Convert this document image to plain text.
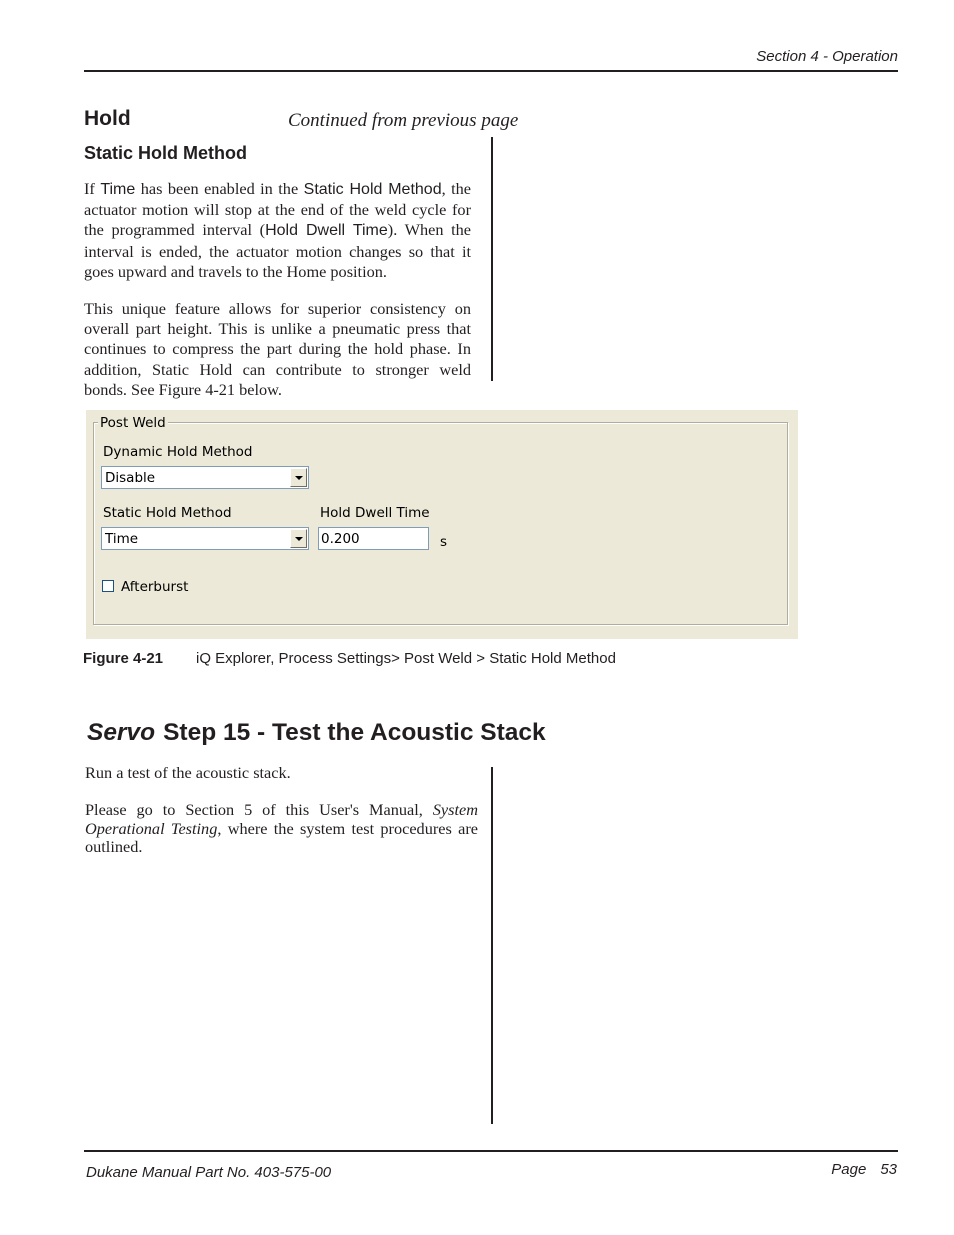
Section 4 - Operation
Hold	Continued from previous page
Static Hold Method
If Time has been enabled in the Static Hold Method, the actuator motion will stop at the end of the weld cycle for the programmed interval (Hold Dwell Time). When the interval is ended, the actuator motion changes so that it goes upward and travels to the Home position.
This unique feature allows for superior consistency on overall part height. This is unlike a pneumatic press that continues to compress the part during the hold phase. In addition, Static Hold can contribute to stronger weld bonds. See Figure 4-21 below.
Post Weld
Dynamic Hold Method
Disable
Static Hold Method
Time
Hold Dwell Time
0.200	s
Afterburst
Figure 4-21 iQ Explorer, Process Settings> Post Weld > Static Hold Method
Servo Step 15 - Test the Acoustic Stack
Run a test of the acoustic stack.
Please go to Section 5 of this User's Manual, System Operational Testing, where the system test procedures are outlined.
Dukane Manual Part No. 403-575-00	Page 53
